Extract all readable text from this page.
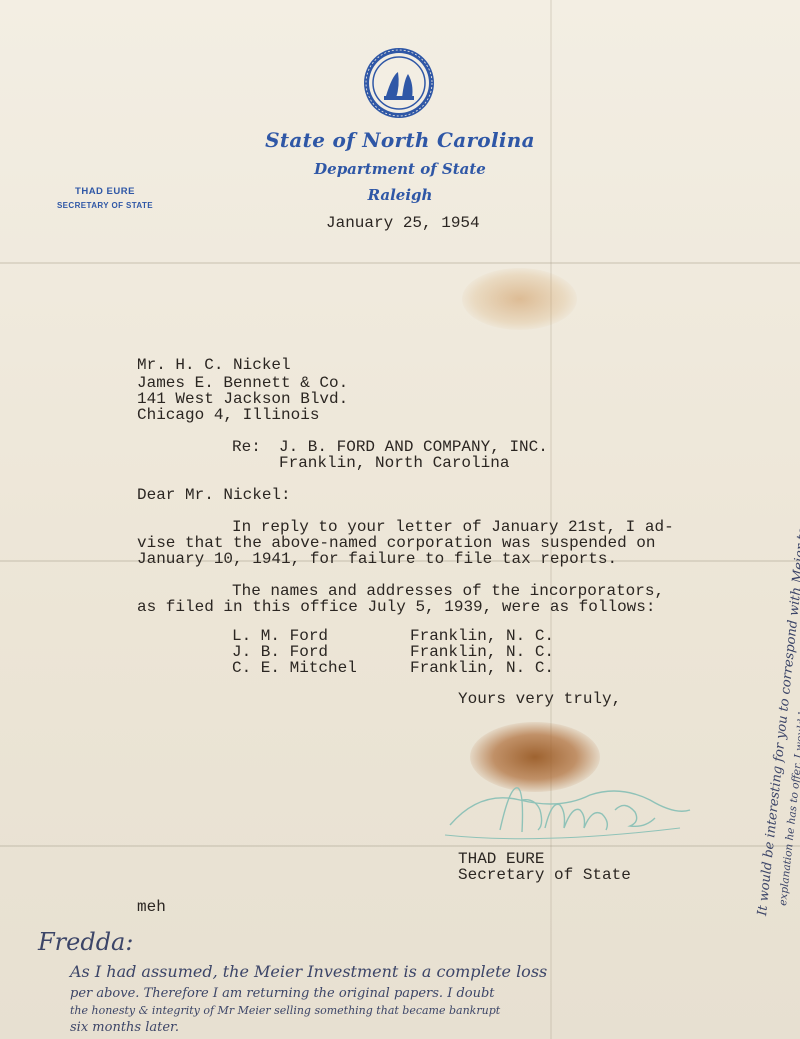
State of North Carolina
Department of State
Raleigh
THAD EURE
SECRETARY OF STATE
January 25, 1954
Mr. H. C. Nickel
James E. Bennett & Co.
141 West Jackson Blvd.
Chicago 4, Illinois
Re: J. B. FORD AND COMPANY, INC.
Franklin, North Carolina
Dear Mr. Nickel:
In reply to your letter of January 21st, I ad-
vise that the above-named corporation was suspended on
January 10, 1941, for failure to file tax reports.
The names and addresses of the incorporators,
as filed in this office July 5, 1939, were as follows:
L. M. Ford	Franklin, N. C.
J. B. Ford	Franklin, N. C.
C. E. Mitchel	Franklin, N. C.
Yours very truly,
THAD EURE
Secretary of State
meh
Fredda:
As I had assumed, the Meier Investment is a complete loss
per above. Therefore I am returning the original papers. I doubt
the honesty & integrity of Mr Meier selling something that became bankrupt
six months later.
